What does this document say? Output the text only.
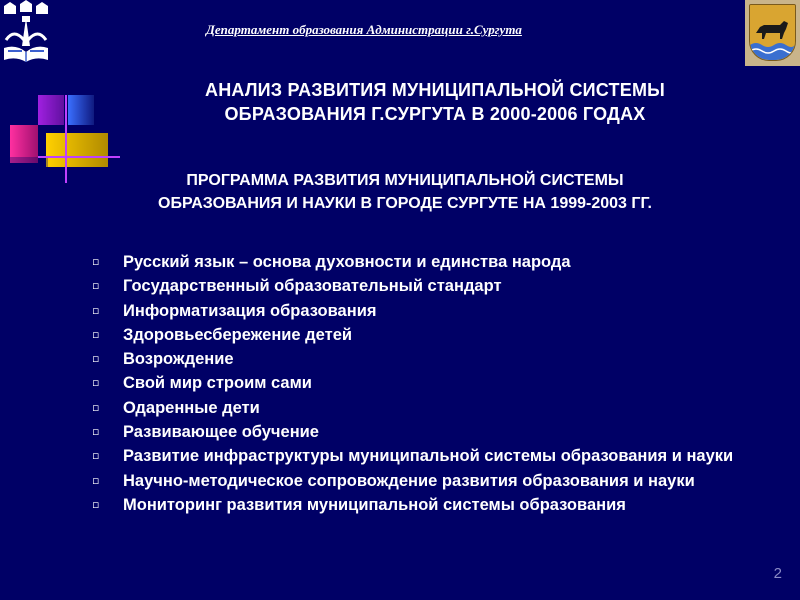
Департамент образования Администрации г.Сургута
АНАЛИЗ РАЗВИТИЯ МУНИЦИПАЛЬНОЙ СИСТЕМЫ
ОБРАЗОВАНИЯ Г.СУРГУТА В 2000-2006 ГОДАХ
ПРОГРАММА РАЗВИТИЯ МУНИЦИПАЛЬНОЙ СИСТЕМЫ
ОБРАЗОВАНИЯ И НАУКИ В ГОРОДЕ СУРГУТЕ НА 1999-2003 ГГ.
▫ Русский язык – основа духовности и единства народа
▫ Государственный образовательный стандарт
▫ Информатизация образования
▫ Здоровьесбережение детей
▫ Возрождение
▫ Свой мир строим сами
▫ Одаренные дети
▫ Развивающее обучение
▫ Развитие инфраструктуры муниципальной системы образования и науки
▫ Научно-методическое сопровождение развития образования и науки
▫ Мониторинг развития муниципальной системы образования
2
